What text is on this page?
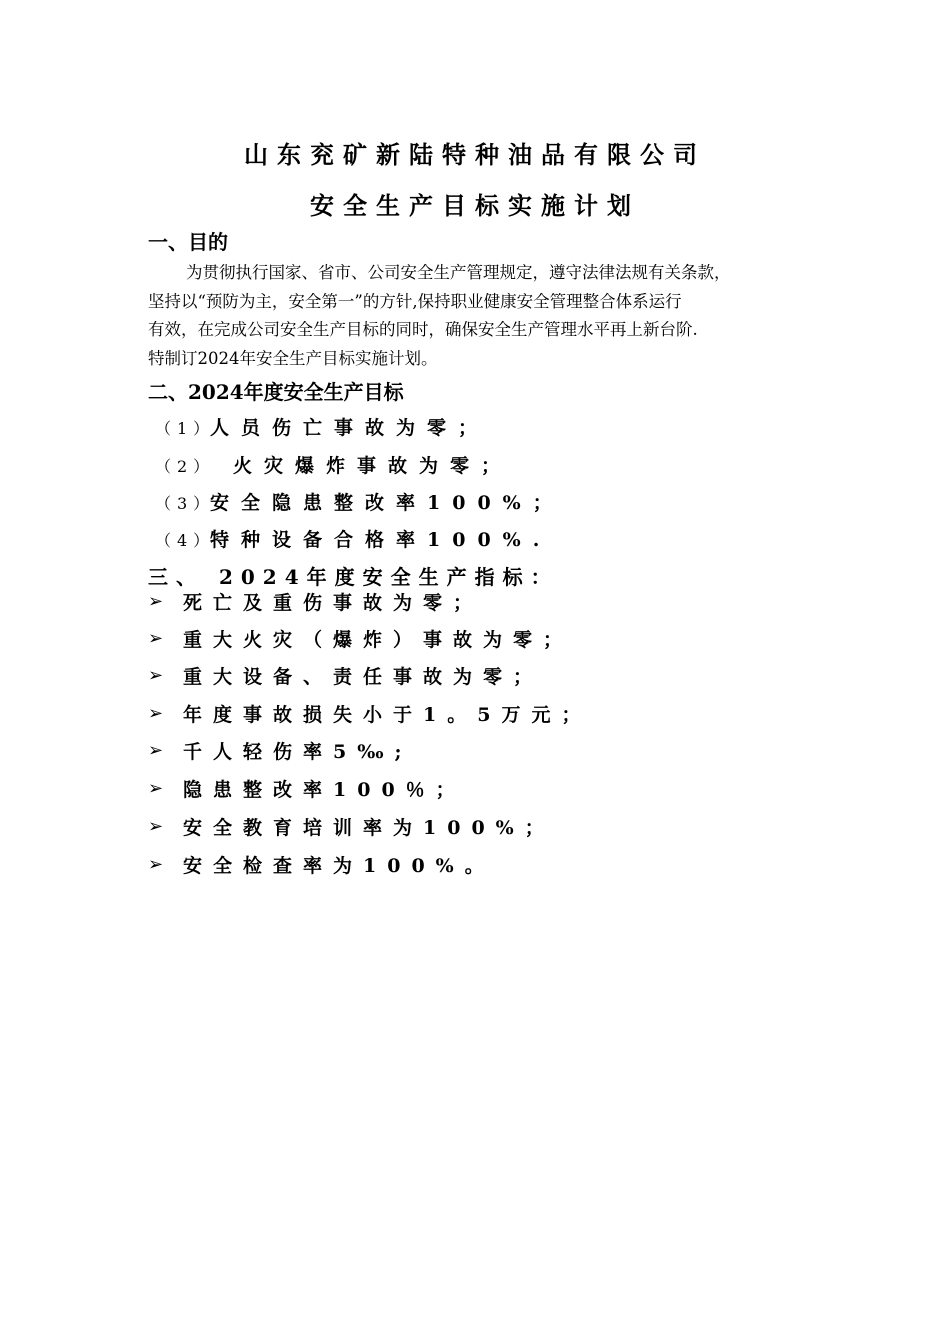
山东兖矿新陆特种油品有限公司
安全生产目标实施计划
一、目的
为贯彻执行国家、省市、公司安全生产管理规定，遵守法律法规有关条款，
坚持以“预防为主，安全第一”的方针,保持职业健康安全管理整合体系运行
有效，在完成公司安全生产目标的同时，确保安全生产管理水平再上新台阶.
特制订2024年安全生产目标实施计划。
二、2024年度安全生产目标
（1）人员伤亡事故为零；
（2） 火灾爆炸事故为零；
（3）安全隐患整改率100%；
（4）特种设备合格率100%.
三、 2024年度安全生产指标：
➢	死亡及重伤事故为零；
➢	重大火灾（爆炸）事故为零；
➢	重大设备、责任事故为零；
➢	年度事故损失小于1。5万元；
➢	千人轻伤率5‰;
➢	隐患整改率100％；
➢	安全教育培训率为100%；
➢	安全检查率为100%。
